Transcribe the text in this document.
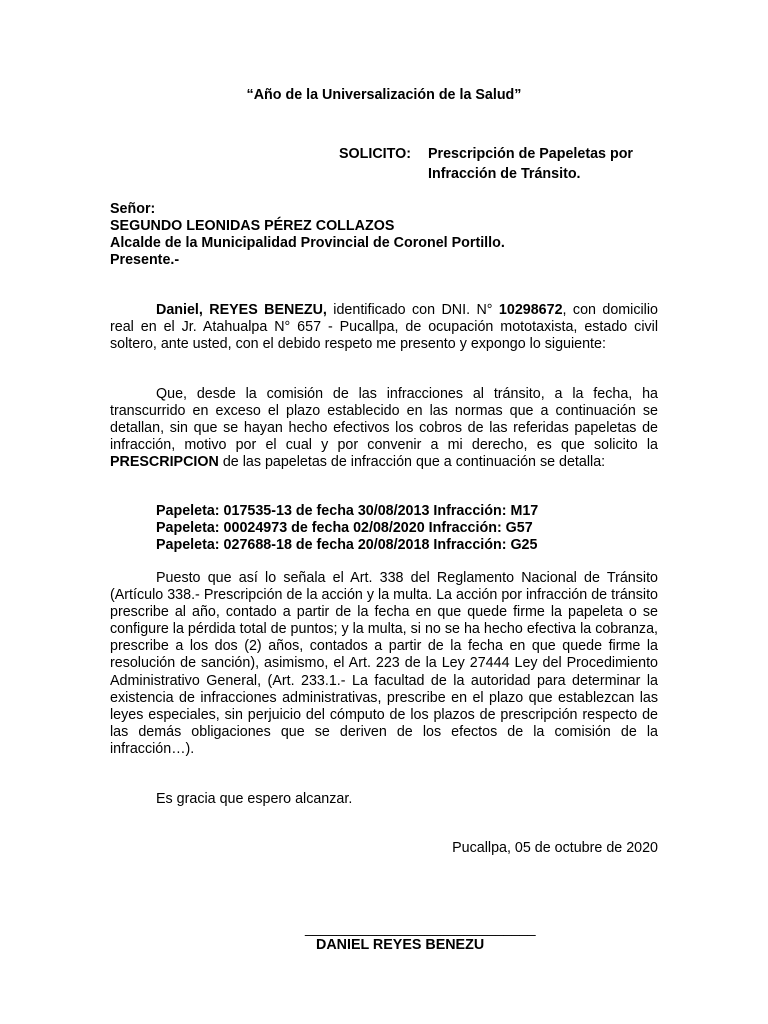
“Año de la Universalización de la Salud”
SOLICITO: Prescripción de Papeletas por
Infracción de Tránsito.
Señor:
SEGUNDO LEONIDAS PÉREZ COLLAZOS
Alcalde de la Municipalidad Provincial de Coronel Portillo.
Presente.-
Daniel, REYES BENEZU, identificado con DNI. N° 10298672, con domicilio real en el Jr. Atahualpa N° 657 - Pucallpa, de ocupación mototaxista, estado civil soltero, ante usted, con el debido respeto me presento y expongo lo siguiente:
Que, desde la comisión de las infracciones al tránsito, a la fecha, ha transcurrido en exceso el plazo establecido en las normas que a continuación se detallan, sin que se hayan hecho efectivos los cobros de las referidas papeletas de infracción, motivo por el cual y por convenir a mi derecho, es que solicito la PRESCRIPCION de las papeletas de infracción que a continuación se detalla:
Papeleta: 017535-13 de fecha 30/08/2013 Infracción: M17
Papeleta: 00024973 de fecha 02/08/2020 Infracción: G57
Papeleta: 027688-18 de fecha 20/08/2018 Infracción: G25
Puesto que así lo señala el Art. 338 del Reglamento Nacional de Tránsito (Artículo 338.- Prescripción de la acción y la multa. La acción por infracción de tránsito prescribe al año, contado a partir de la fecha en que quede firme la papeleta o se configure la pérdida total de puntos; y la multa, si no se ha hecho efectiva la cobranza, prescribe a los dos (2) años, contados a partir de la fecha en que quede firme la resolución de sanción), asimismo, el Art. 223 de la Ley 27444 Ley del Procedimiento Administrativo General, (Art. 233.1.- La facultad de la autoridad para determinar la existencia de infracciones administrativas, prescribe en el plazo que establezcan las leyes especiales, sin perjuicio del cómputo de los plazos de prescripción respecto de las demás obligaciones que se deriven de los efectos de la comisión de la infracción…).
Es gracia que espero alcanzar.
Pucallpa, 05 de octubre de 2020
_____________________________
DANIEL REYES BENEZU
